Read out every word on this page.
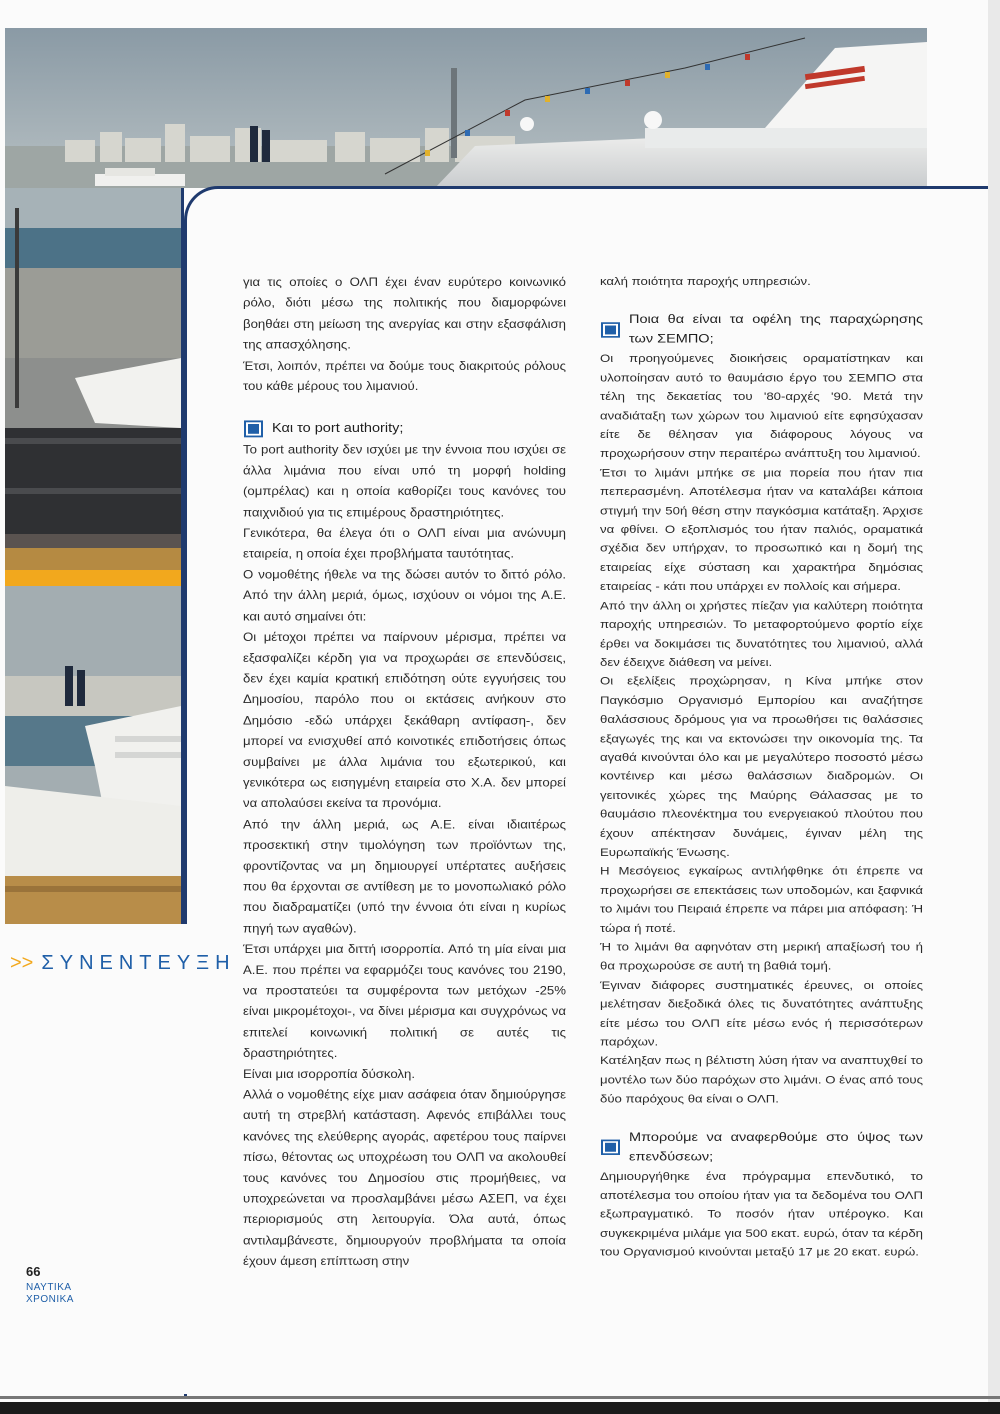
>> ΣΥΝΕΝΤΕΥΞΗ
66
ΝΑΥΤΙΚΑ
ΧΡΟΝΙΚΑ

για τις οποίες ο ΟΛΠ έχει έναν ευρύτερο κοινωνικό ρόλο, διότι μέσω της πολιτικής που διαμορφώνει βοηθάει στη μείωση της ανεργίας και στην εξασφάλιση της απασχόλησης.

Έτσι, λοιπόν, πρέπει να δούμε τους διακριτούς ρόλους του κάθε μέρους του λιμανιού.

Και το port authority;

Το port authority δεν ισχύει με την έννοια που ισχύει σε άλλα λιμάνια που είναι υπό τη μορφή holding (ομπρέλας) και η οποία καθορίζει τους κανόνες του παιχνιδιού για τις επιμέρους δραστηριότητες.

Γενικότερα, θα έλεγα ότι ο ΟΛΠ είναι μια ανώνυμη εταιρεία, η οποία έχει προβλήματα ταυτότητας.

Ο νομοθέτης ήθελε να της δώσει αυτόν το διττό ρόλο. Από την άλλη μεριά, όμως, ισχύουν οι νόμοι της Α.Ε. και αυτό σημαίνει ότι:

Οι μέτοχοι πρέπει να παίρνουν μέρισμα, πρέπει να εξασφαλίζει κέρδη για να προχωράει σε επενδύσεις, δεν έχει καμία κρατική επιδότηση ούτε εγγυήσεις του Δημοσίου, παρόλο που οι εκτάσεις ανήκουν στο Δημόσιο -εδώ υπάρχει ξεκάθαρη αντίφαση-, δεν μπορεί να ενισχυθεί από κοινοτικές επιδοτήσεις όπως συμβαίνει με άλλα λιμάνια του εξωτερικού, και γενικότερα ως εισηγμένη εταιρεία στο Χ.Α. δεν μπορεί να απολαύσει εκείνα τα προνόμια.

Από την άλλη μεριά, ως Α.Ε. είναι ιδιαιτέρως προσεκτική στην τιμολόγηση των προϊόντων της, φροντίζοντας να μη δημιουργεί υπέρτατες αυξήσεις που θα έρχονται σε αντίθεση με το μονοπωλιακό ρόλο που διαδραματίζει (υπό την έννοια ότι είναι η κυρίως πηγή των αγαθών).

Έτσι υπάρχει μια διττή ισορροπία. Από τη μία είναι μια Α.Ε. που πρέπει να εφαρμόζει τους κανόνες του 2190, να προστατεύει τα συμφέροντα των μετόχων -25% είναι μικρομέτοχοι-, να δίνει μέρισμα και συγχρόνως να επιτελεί κοινωνική πολιτική σε αυτές τις δραστηριότητες.

Είναι μια ισορροπία δύσκολη.

Αλλά ο νομοθέτης είχε μιαν ασάφεια όταν δημιούργησε αυτή τη στρεβλή κατάσταση. Αφενός επιβάλλει τους κανόνες της ελεύθερης αγοράς, αφετέρου τους παίρνει πίσω, θέτοντας ως υποχρέωση του ΟΛΠ να ακολουθεί τους κανόνες του Δημοσίου στις προμήθειες, να υποχρεώνεται να προσλαμβάνει μέσω ΑΣΕΠ, να έχει περιορισμούς στη λειτουργία. Όλα αυτά, όπως αντιλαμβάνεστε, δημιουργούν προβλήματα τα οποία έχουν άμεση επίπτωση στην

καλή ποιότητα παροχής υπηρεσιών.

Ποια θα είναι τα οφέλη της παραχώρησης των ΣΕΜΠΟ;

Οι προηγούμενες διοικήσεις οραματίστηκαν και υλοποίησαν αυτό το θαυμάσιο έργο του ΣΕΜΠΟ στα τέλη της δεκαετίας του '80-αρχές '90. Μετά την αναδιάταξη των χώρων του λιμανιού είτε εφησύχασαν είτε δε θέλησαν για διάφορους λόγους να προχωρήσουν στην περαιτέρω ανάπτυξη του λιμανιού.

Έτσι το λιμάνι μπήκε σε μια πορεία που ήταν πια πεπερασμένη. Αποτέλεσμα ήταν να καταλάβει κάποια στιγμή την 50ή θέση στην παγκόσμια κατάταξη. Άρχισε να φθίνει. Ο εξοπλισμός του ήταν παλιός, οραματικά σχέδια δεν υπήρχαν, το προσωπικό και η δομή της εταιρείας είχε σύσταση και χαρακτήρα δημόσιας εταιρείας - κάτι που υπάρχει εν πολλοίς και σήμερα.

Από την άλλη οι χρήστες πίεζαν για καλύτερη ποιότητα παροχής υπηρεσιών. Το μεταφορτούμενο φορτίο είχε έρθει να δοκιμάσει τις δυνατότητες του λιμανιού, αλλά δεν έδειχνε διάθεση να μείνει.

Οι εξελίξεις προχώρησαν, η Κίνα μπήκε στον Παγκόσμιο Οργανισμό Εμπορίου και αναζήτησε θαλάσσιους δρόμους για να προωθήσει τις θαλάσσιες εξαγωγές της και να εκτονώσει την οικονομία της. Τα αγαθά κινούνται όλο και με μεγαλύτερο ποσοστό μέσω κοντέινερ και μέσω θαλάσσιων διαδρομών. Οι γειτονικές χώρες της Μαύρης Θάλασσας με το θαυμάσιο πλεονέκτημα του ενεργειακού πλούτου που έχουν απέκτησαν δυνάμεις, έγιναν μέλη της Ευρωπαϊκής Ένωσης.

Η Μεσόγειος εγκαίρως αντιλήφθηκε ότι έπρεπε να προχωρήσει σε επεκτάσεις των υποδομών, και ξαφνικά το λιμάνι του Πειραιά έπρεπε να πάρει μια απόφαση: Ή τώρα ή ποτέ.

Ή το λιμάνι θα αφηνόταν στη μερική απαξίωσή του ή θα προχωρούσε σε αυτή τη βαθιά τομή.

Έγιναν διάφορες συστηματικές έρευνες, οι οποίες μελέτησαν διεξοδικά όλες τις δυνατότητες ανάπτυξης είτε μέσω του ΟΛΠ είτε μέσω ενός ή περισσότερων παρόχων.

Κατέληξαν πως η βέλτιστη λύση ήταν να αναπτυχθεί το μοντέλο των δύο παρόχων στο λιμάνι. Ο ένας από τους δύο παρόχους θα είναι ο ΟΛΠ.

Μπορούμε να αναφερθούμε στο ύψος των επενδύσεων;

Δημιουργήθηκε ένα πρόγραμμα επενδυτικό, το αποτέλεσμα του οποίου ήταν για τα δεδομένα του ΟΛΠ εξωπραγματικό. Το ποσόν ήταν υπέρογκο. Και συγκεκριμένα μιλάμε για 500 εκατ. ευρώ, όταν τα κέρδη του Οργανισμού κινούνται μεταξύ 17 με 20 εκατ. ευρώ.
